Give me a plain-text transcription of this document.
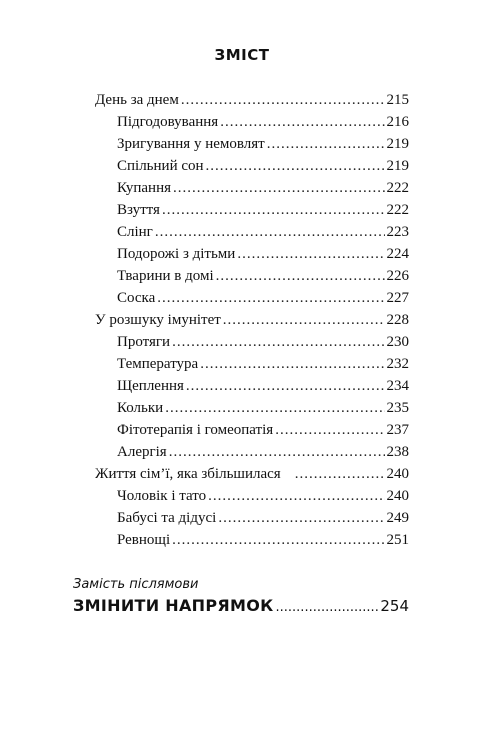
ЗМІСТ
День за днем .....	215
Підгодовування .....	216
Зригування у немовлят .....	219
Спільний сон .....	219
Купання .....	222
Взуття .....	222
Слінг .....	223
Подорожі з дітьми .....	224
Тварини в домі .....	226
Соска .....	227
У розшуку імунітет .....	228
Протяги .....	230
Температура .....	232
Щеплення .....	234
Кольки .....	235
Фітотерапія і гомеопатія .....	237
Алергія .....	238
Життя сім’ї, яка збільшилася .....	240
Чоловік і тато .....	240
Бабусі та дідусі .....	249
Ревнощі .....	251
Замість післямови
ЗМІНИТИ НАПРЯМОК .....	254
